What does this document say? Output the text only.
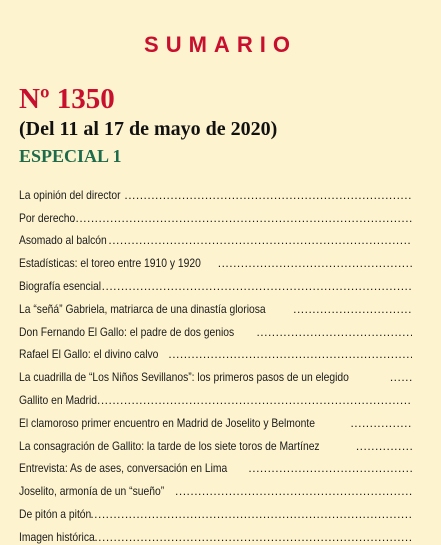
SUMARIO
Nº 1350
(Del 11 al 17 de mayo de 2020)
ESPECIAL 1
La opinión del director
.....
Por derecho
.....
Asomado al balcón
.....
Estadísticas: el toreo entre 1910 y 1920
.....
Biografía esencial
.....
La “señá” Gabriela, matriarca de una dinastía gloriosa
.....
Don Fernando El Gallo: el padre de dos genios
.....
Rafael El Gallo: el divino calvo
.....
La cuadrilla de “Los Niños Sevillanos”: los primeros pasos de un elegido
.....
Gallito en Madrid
.....
El clamoroso primer encuentro en Madrid de Joselito y Belmonte
.....
La consagración de Gallito: la tarde de los siete toros de Martínez
.....
Entrevista: As de ases, conversación en Lima
.....
Joselito, armonía de un “sueño”
.....
De pitón a pitón
.....
Imagen histórica
.....
